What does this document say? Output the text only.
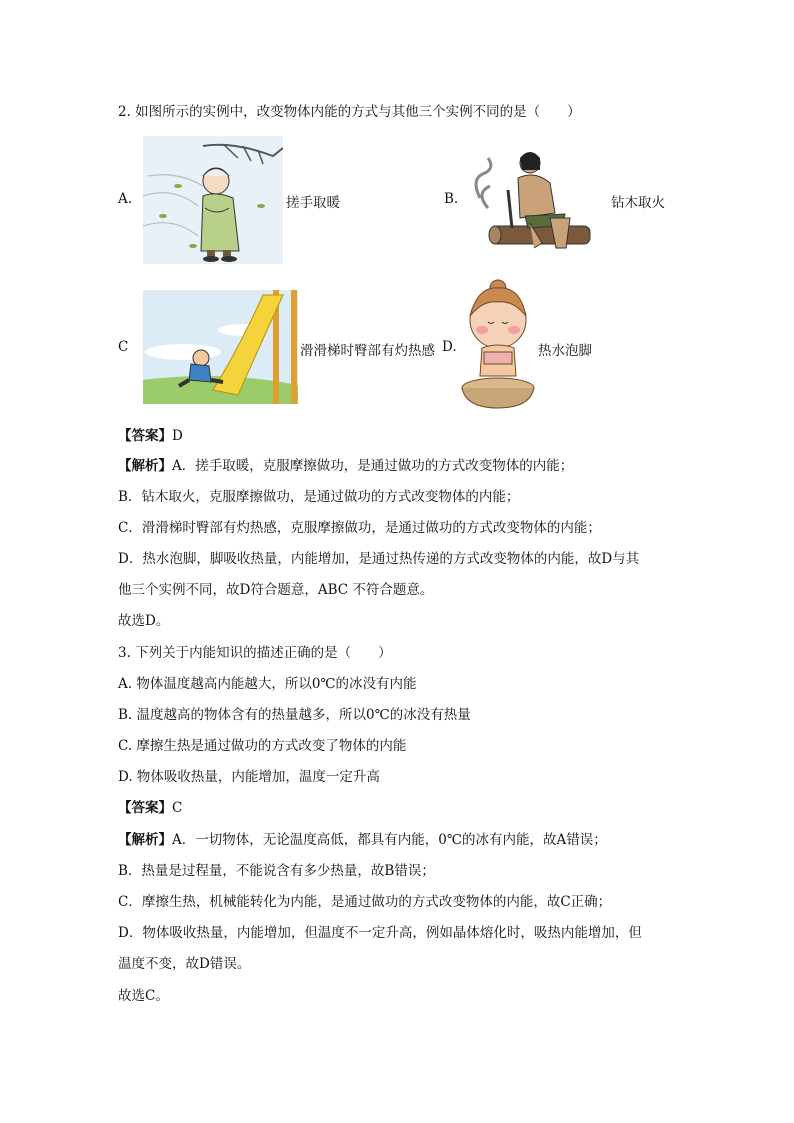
2. 如图所示的实例中，改变物体内能的方式与其他三个实例不同的是（　　）
A.	搓手取暖	B.	钻木取火
C	滑滑梯时臀部有灼热感 D.	热水泡脚
【答案】D
【解析】A．搓手取暖，克服摩擦做功，是通过做功的方式改变物体的内能；
B．钻木取火，克服摩擦做功，是通过做功的方式改变物体的内能；
C．滑滑梯时臀部有灼热感，克服摩擦做功，是通过做功的方式改变物体的内能；
D．热水泡脚，脚吸收热量，内能增加，是通过热传递的方式改变物体的内能，故D与其
他三个实例不同，故D符合题意，ABC 不符合题意。
故选D。
3. 下列关于内能知识的描述正确的是（　　）
A. 物体温度越高内能越大，所以0℃的冰没有内能
B. 温度越高的物体含有的热量越多，所以0℃的冰没有热量
C. 摩擦生热是通过做功的方式改变了物体的内能
D. 物体吸收热量，内能增加，温度一定升高
【答案】C
【解析】A．一切物体，无论温度高低，都具有内能，0℃的冰有内能，故A错误；
B．热量是过程量，不能说含有多少热量，故B错误；
C．摩擦生热，机械能转化为内能，是通过做功的方式改变物体的内能，故C正确；
D．物体吸收热量，内能增加，但温度不一定升高，例如晶体熔化时，吸热内能增加，但
温度不变，故D错误。
故选C。
